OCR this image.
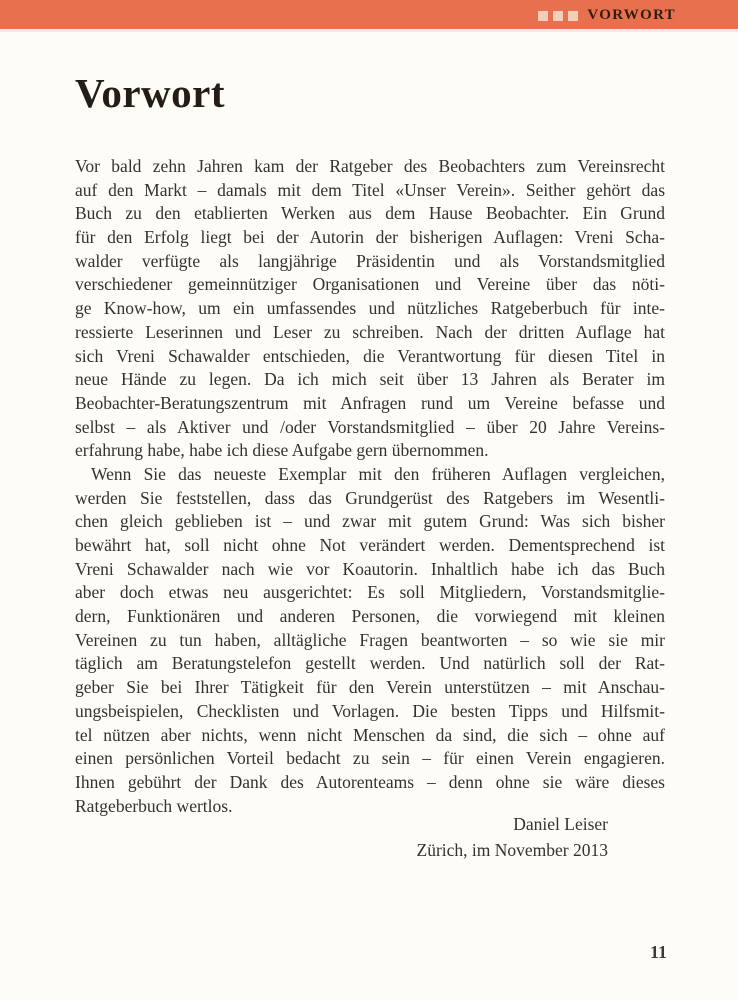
VORWORT
Vorwort
Vor bald zehn Jahren kam der Ratgeber des Beobachters zum Vereinsrecht
auf den Markt – damals mit dem Titel «Unser Verein». Seither gehört das
Buch zu den etablierten Werken aus dem Hause Beobachter. Ein Grund
für den Erfolg liegt bei der Autorin der bisherigen Auflagen: Vreni Scha-
walder verfügte als langjährige Präsidentin und als Vorstandsmitglied
verschiedener gemeinnütziger Organisationen und Vereine über das nöti-
ge Know-how, um ein umfassendes und nützliches Ratgeberbuch für inte-
ressierte Leserinnen und Leser zu schreiben. Nach der dritten Auflage hat
sich Vreni Schawalder entschieden, die Verantwortung für diesen Titel in
neue Hände zu legen. Da ich mich seit über 13 Jahren als Berater im
Beobachter-Beratungszentrum mit Anfragen rund um Vereine befasse und
selbst – als Aktiver und /oder Vorstandsmitglied – über 20 Jahre Vereins-
erfahrung habe, habe ich diese Aufgabe gern übernommen.
Wenn Sie das neueste Exemplar mit den früheren Auflagen vergleichen,
werden Sie feststellen, dass das Grundgerüst des Ratgebers im Wesentli-
chen gleich geblieben ist – und zwar mit gutem Grund: Was sich bisher
bewährt hat, soll nicht ohne Not verändert werden. Dementsprechend ist
Vreni Schawalder nach wie vor Koautorin. Inhaltlich habe ich das Buch
aber doch etwas neu ausgerichtet: Es soll Mitgliedern, Vorstandsmitglie-
dern, Funktionären und anderen Personen, die vorwiegend mit kleinen
Vereinen zu tun haben, alltägliche Fragen beantworten – so wie sie mir
täglich am Beratungstelefon gestellt werden. Und natürlich soll der Rat-
geber Sie bei Ihrer Tätigkeit für den Verein unterstützen – mit Anschau-
ungsbeispielen, Checklisten und Vorlagen. Die besten Tipps und Hilfsmit-
tel nützen aber nichts, wenn nicht Menschen da sind, die sich – ohne auf
einen persönlichen Vorteil bedacht zu sein – für einen Verein engagieren.
Ihnen gebührt der Dank des Autorenteams – denn ohne sie wäre dieses
Ratgeberbuch wertlos.
Daniel Leiser
Zürich, im November 2013
11
